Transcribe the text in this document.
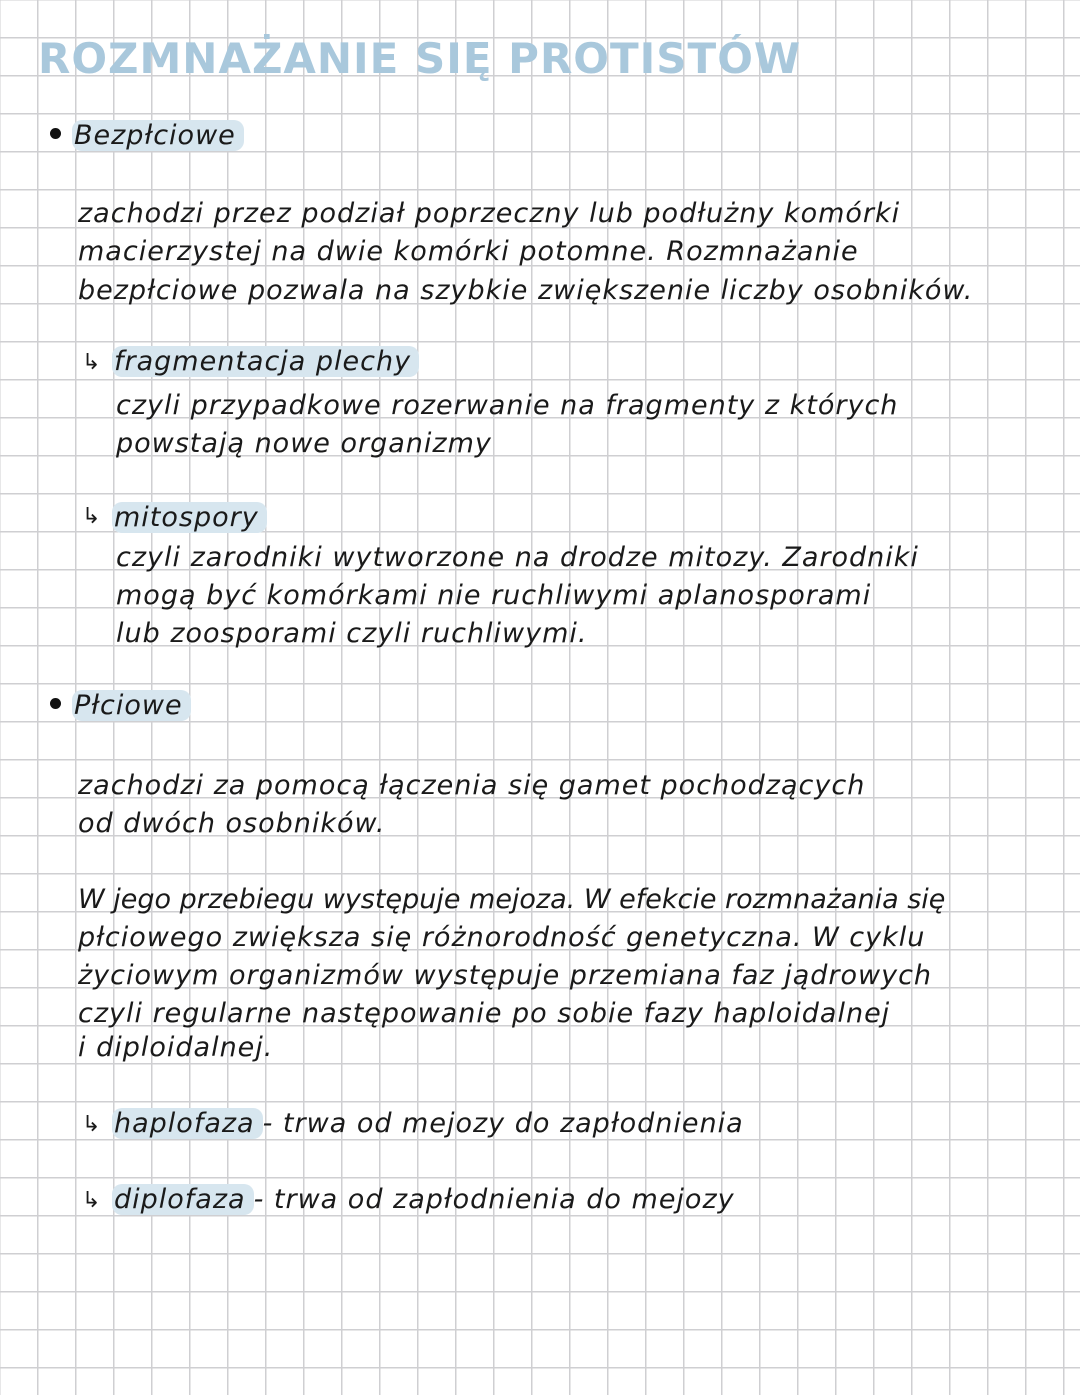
ROZMNAŻANIE SIĘ PROTISTÓW
Bezpłciowe
zachodzi przez podział poprzeczny lub podłużny komórki
macierzystej na dwie komórki potomne. Rozmnażanie
bezpłciowe pozwala na szybkie zwiększenie liczby osobników.
↳ fragmentacja plechy
czyli przypadkowe rozerwanie na fragmenty z których
powstają nowe organizmy
↳ mitospory
czyli zarodniki wytworzone na drodze mitozy. Zarodniki
mogą być komórkami nie ruchliwymi aplanosporami
lub zoosporami czyli ruchliwymi.
Płciowe
zachodzi za pomocą łączenia się gamet pochodzących
od dwóch osobników.
W jego przebiegu występuje mejoza. W efekcie rozmnażania się
płciowego zwiększa się różnorodność genetyczna. W cyklu
życiowym organizmów występuje przemiana faz jądrowych
czyli regularne następowanie po sobie fazy haploidalnej
i diploidalnej.
↳ haplofaza - trwa od mejozy do zapłodnienia
↳ diplofaza - trwa od zapłodnienia do mejozy
